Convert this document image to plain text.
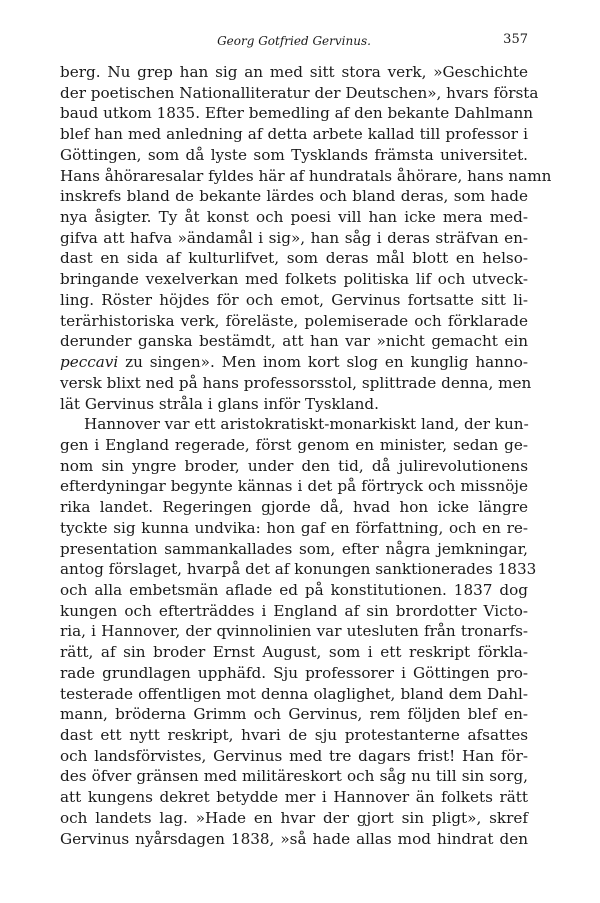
Georg Gotfried Gervinus.	357
berg. Nu grep han sig an med sitt stora verk, »Geschichte
der poetischen Nationalliteratur der Deutschen», hvars första
baud utkom 1835. Efter bemedling af den bekante Dahlmann
blef han med anledning af detta arbete kallad till professor i
Göttingen, som då lyste som Tysklands främsta universitet.
Hans åhöraresalar fyldes här af hundratals åhörare, hans namn
inskrefs bland de bekante lärdes och bland deras, som hade
nya åsigter. Ty åt konst och poesi vill han icke mera med-
gifva att hafva »ändamål i sig», han såg i deras sträfvan en-
dast en sida af kulturlifvet, som deras mål blott en helso-
bringande vexelverkan med folkets politiska lif och utveck-
ling. Röster höjdes för och emot, Gervinus fortsatte sitt li-
terärhistoriska verk, föreläste, polemiserade och förklarade
derunder ganska bestämdt, att han var »nicht gemacht ein
peccavi zu singen». Men inom kort slog en kunglig hanno-
versk blixt ned på hans professorsstol, splittrade denna, men
lät Gervinus stråla i glans inför Tyskland.
Hannover var ett aristokratiskt-monarkiskt land, der kun-
gen i England regerade, först genom en minister, sedan ge-
nom sin yngre broder, under den tid, då julirevolutionens
efterdyningar begynte kännas i det på förtryck och missnöje
rika landet. Regeringen gjorde då, hvad hon icke längre
tyckte sig kunna undvika: hon gaf en författning, och en re-
presentation sammankallades som, efter några jemkningar,
antog förslaget, hvarpå det af konungen sanktionerades 1833
och alla embetsmän aflade ed på konstitutionen. 1837 dog
kungen och efterträddes i England af sin brordotter Victo-
ria, i Hannover, der qvinnolinien var utesluten från tronarfs-
rätt, af sin broder Ernst August, som i ett reskript förkla-
rade grundlagen upphäfd. Sju professorer i Göttingen pro-
testerade offentligen mot denna olaglighet, bland dem Dahl-
mann, bröderna Grimm och Gervinus, rem följden blef en-
dast ett nytt reskript, hvari de sju protestanterne afsattes
och landsförvistes, Gervinus med tre dagars frist! Han för-
des öfver gränsen med militäreskort och såg nu till sin sorg,
att kungens dekret betydde mer i Hannover än folkets rätt
och landets lag. »Hade en hvar der gjort sin pligt», skref
Gervinus nyårsdagen 1838, »så hade allas mod hindrat den
